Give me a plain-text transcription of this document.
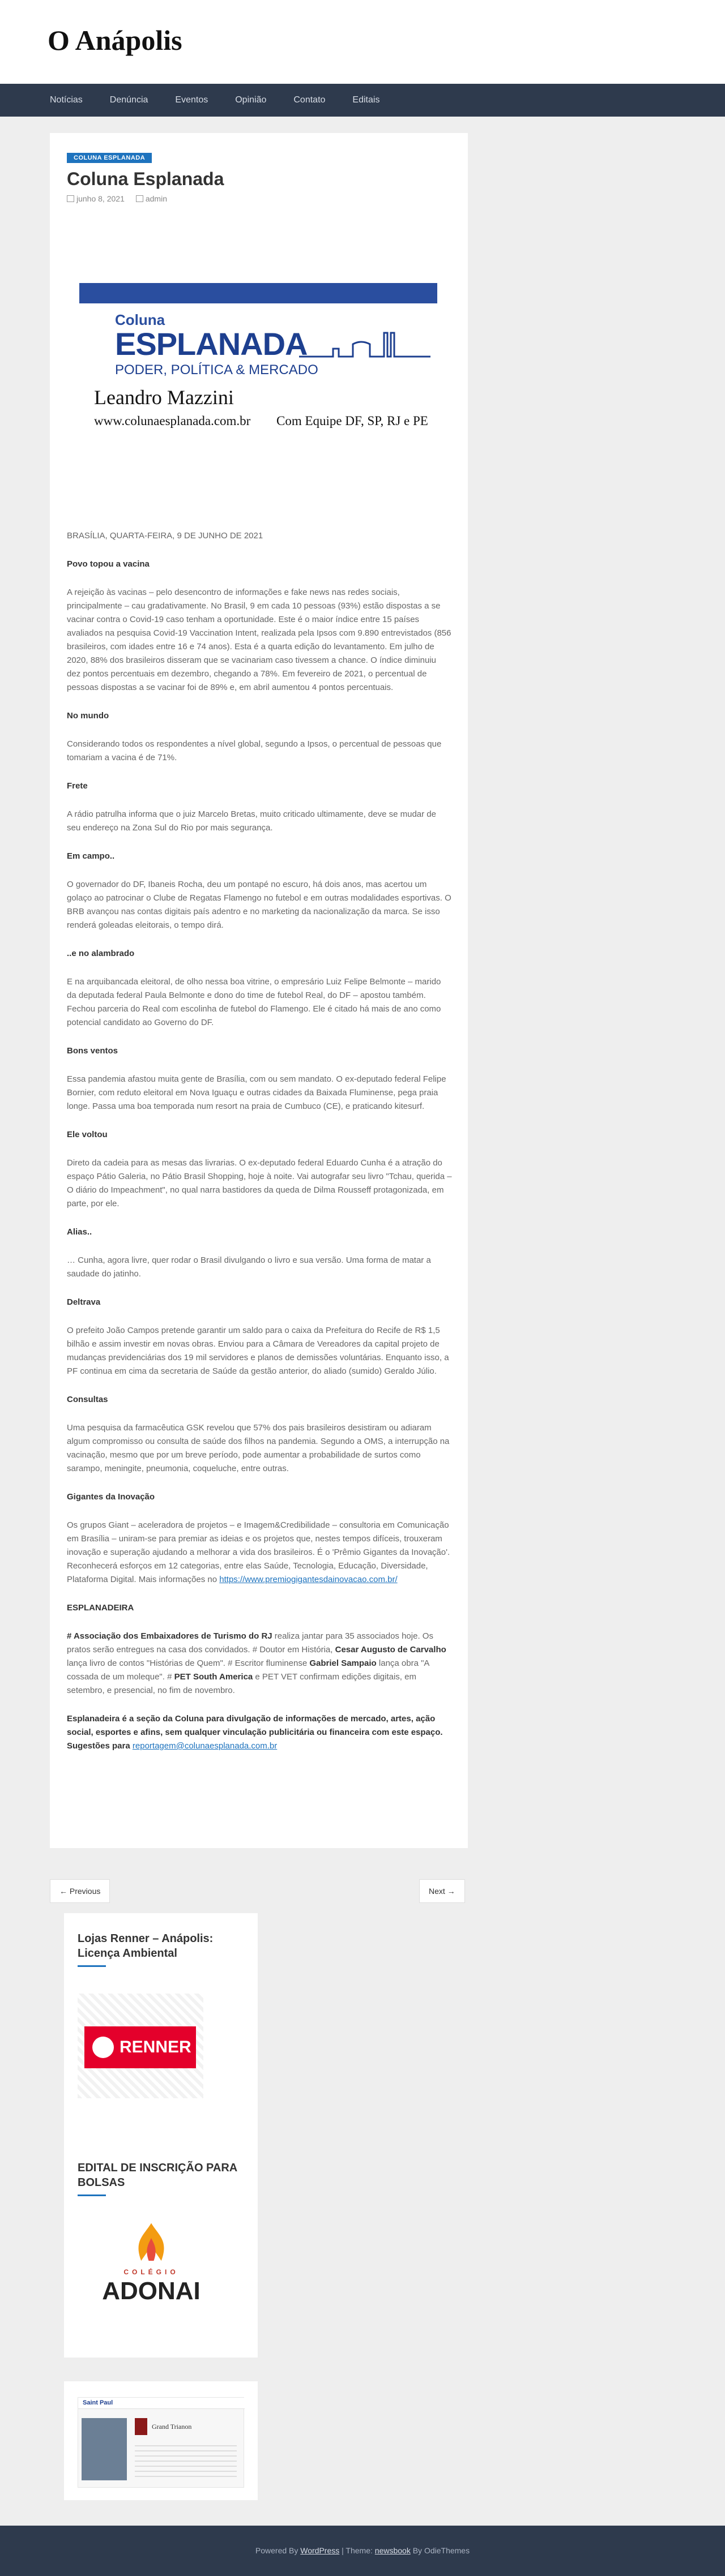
O Anápolis
Notícias	Denúncia	Eventos	Opinião	Contato	Editais
COLUNA ESPLANADA
Coluna Esplanada
junho 8, 2021	admin
Coluna
ESPLANADA
PODER, POLÍTICA & MERCADO
Leandro Mazzini
www.colunaesplanada.com.br Com Equipe DF, SP, RJ e PE

BRASÍLIA, QUARTA-FEIRA, 9 DE JUNHO DE 2021

Povo topou a vacina

A rejeição às vacinas – pelo desencontro de informações e fake news nas redes sociais, principalmente – cau gradativamente. No Brasil, 9 em cada 10 pessoas (93%) estão dispostas a se vacinar contra o Covid-19 caso tenham a oportunidade. Este é o maior índice entre 15 países avaliados na pesquisa Covid-19 Vaccination Intent, realizada pela Ipsos com 9.890 entrevistados (856 brasileiros, com idades entre 16 e 74 anos). Esta é a quarta edição do levantamento. Em julho de 2020, 88% dos brasileiros disseram que se vacinariam caso tivessem a chance. O índice diminuiu dez pontos percentuais em dezembro, chegando a 78%. Em fevereiro de 2021, o percentual de pessoas dispostas a se vacinar foi de 89% e, em abril aumentou 4 pontos percentuais.

No mundo

Considerando todos os respondentes a nível global, segundo a Ipsos, o percentual de pessoas que tomariam a vacina é de 71%.

Frete

A rádio patrulha informa que o juiz Marcelo Bretas, muito criticado ultimamente, deve se mudar de seu endereço na Zona Sul do Rio por mais segurança.

Em campo..

O governador do DF, Ibaneis Rocha, deu um pontapé no escuro, há dois anos, mas acertou um golaço ao patrocinar o Clube de Regatas Flamengo no futebol e em outras modalidades esportivas. O BRB avançou nas contas digitais país adentro e no marketing da nacionalização da marca. Se isso renderá goleadas eleitorais, o tempo dirá.

..e no alambrado

E na arquibancada eleitoral, de olho nessa boa vitrine, o empresário Luiz Felipe Belmonte – marido da deputada federal Paula Belmonte e dono do time de futebol Real, do DF – apostou também. Fechou parceria do Real com escolinha de futebol do Flamengo. Ele é citado há mais de ano como potencial candidato ao Governo do DF.

Bons ventos

Essa pandemia afastou muita gente de Brasília, com ou sem mandato. O ex-deputado federal Felipe Bornier, com reduto eleitoral em Nova Iguaçu e outras cidades da Baixada Fluminense, pega praia longe. Passa uma boa temporada num resort na praia de Cumbuco (CE), e praticando kitesurf.

Ele voltou

Direto da cadeia para as mesas das livrarias. O ex-deputado federal Eduardo Cunha é a atração do espaço Pátio Galeria, no Pátio Brasil Shopping, hoje à noite. Vai autografar seu livro "Tchau, querida – O diário do Impeachment", no qual narra bastidores da queda de Dilma Rousseff protagonizada, em parte, por ele.

Alias..

… Cunha, agora livre, quer rodar o Brasil divulgando o livro e sua versão. Uma forma de matar a saudade do jatinho.

Deltrava

O prefeito João Campos pretende garantir um saldo para o caixa da Prefeitura do Recife de R$ 1,5 bilhão e assim investir em novas obras. Enviou para a Câmara de Vereadores da capital projeto de mudanças previdenciárias dos 19 mil servidores e planos de demissões voluntárias. Enquanto isso, a PF continua em cima da secretaria de Saúde da gestão anterior, do aliado (sumido) Geraldo Júlio.

Consultas

Uma pesquisa da farmacêutica GSK revelou que 57% dos pais brasileiros desistiram ou adiaram algum compromisso ou consulta de saúde dos filhos na pandemia. Segundo a OMS, a interrupção na vacinação, mesmo que por um breve período, pode aumentar a probabilidade de surtos como sarampo, meningite, pneumonia, coqueluche, entre outras.

Gigantes da Inovação

Os grupos Giant – aceleradora de projetos – e Imagem&Credibilidade – consultoria em Comunicação em Brasília – uniram-se para premiar as ideias e os projetos que, nestes tempos difíceis, trouxeram inovação e superação ajudando a melhorar a vida dos brasileiros. É o 'Prêmio Gigantes da Inovação'. Reconhecerá esforços em 12 categorias, entre elas Saúde, Tecnologia, Educação, Diversidade, Plataforma Digital. Mais informações no https://www.premiogigantesdainovacao.com.br/

ESPLANADEIRA

# Associação dos Embaixadores de Turismo do RJ realiza jantar para 35 associados hoje. Os pratos serão entregues na casa dos convidados. # Doutor em História, Cesar Augusto de Carvalho lança livro de contos "Histórias de Quem". # Escritor fluminense Gabriel Sampaio lança obra "A cossada de um moleque". # PET South America e PET VET confirmam edições digitais, em setembro, e presencial, no fim de novembro.

Esplanadeira é a seção da Coluna para divulgação de informações de mercado, artes, ação social, esportes e afins, sem qualquer vinculação publicitária ou financeira com este espaço. Sugestões para reportagem@colunaesplanada.com.br

← Previous	Next →
Lojas Renner – Anápolis: Licença Ambiental
RENNER
EDITAL DE INSCRIÇÃO PARA BOLSAS
COLÉGIO
ADONAI
Saint Paul
Grand Trianon
Powered By WordPress | Theme: newsbook By OdieThemes
